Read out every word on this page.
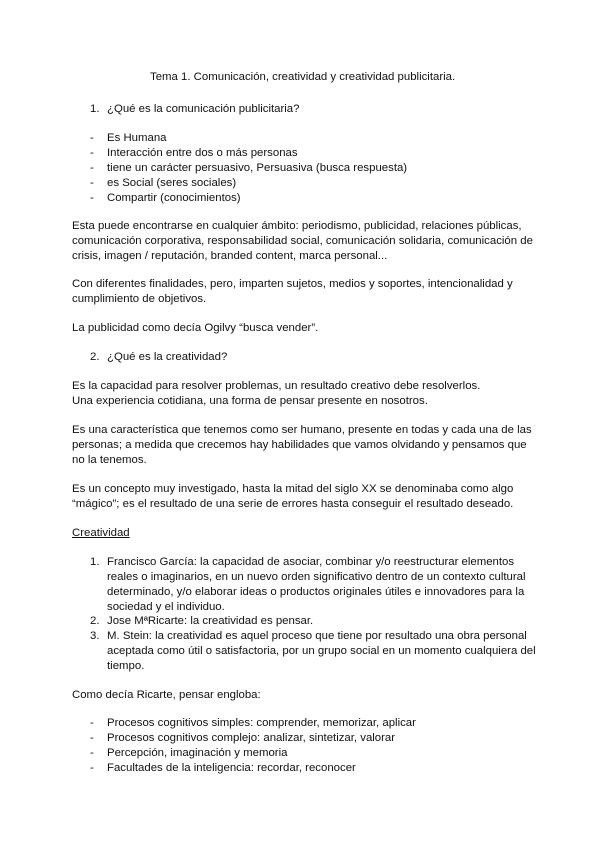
Tema 1. Comunicación, creatividad y creatividad publicitaria.
1. ¿Qué es la comunicación publicitaria?
- Es Humana
- Interacción entre dos o más personas
- tiene un carácter persuasivo, Persuasiva (busca respuesta)
- es Social (seres sociales)
- Compartir (conocimientos)
Esta puede encontrarse en cualquier ámbito: periodismo, publicidad, relaciones públicas,
comunicación corporativa, responsabilidad social, comunicación solidaria, comunicación de
crisis, imagen / reputación, branded content, marca personal...
Con diferentes finalidades, pero, imparten sujetos, medios y soportes, intencionalidad y
cumplimiento de objetivos.
La publicidad como decía Ogilvy “busca vender”.
2. ¿Qué es la creatividad?
Es la capacidad para resolver problemas, un resultado creativo debe resolverlos.
Una experiencia cotidiana, una forma de pensar presente en nosotros.
Es una característica que tenemos como ser humano, presente en todas y cada una de las
personas; a medida que crecemos hay habilidades que vamos olvidando y pensamos que
no la tenemos.
Es un concepto muy investigado, hasta la mitad del siglo XX se denominaba como algo
“mágico”; es el resultado de una serie de errores hasta conseguir el resultado deseado.
Creatividad
1. Francisco García: la capacidad de asociar, combinar y/o reestructurar elementos
reales o imaginarios, en un nuevo orden significativo dentro de un contexto cultural
determinado, y/o elaborar ideas o productos originales útiles e innovadores para la
sociedad y el individuo.
2. Jose MªRicarte: la creatividad es pensar.
3. M. Stein: la creatividad es aquel proceso que tiene por resultado una obra personal
aceptada como útil o satisfactoria, por un grupo social en un momento cualquiera del
tiempo.
Como decía Ricarte, pensar engloba:
- Procesos cognitivos simples: comprender, memorizar, aplicar
- Procesos cognitivos complejo: analizar, sintetizar, valorar
- Percepción, imaginación y memoria
- Facultades de la inteligencia: recordar, reconocer
